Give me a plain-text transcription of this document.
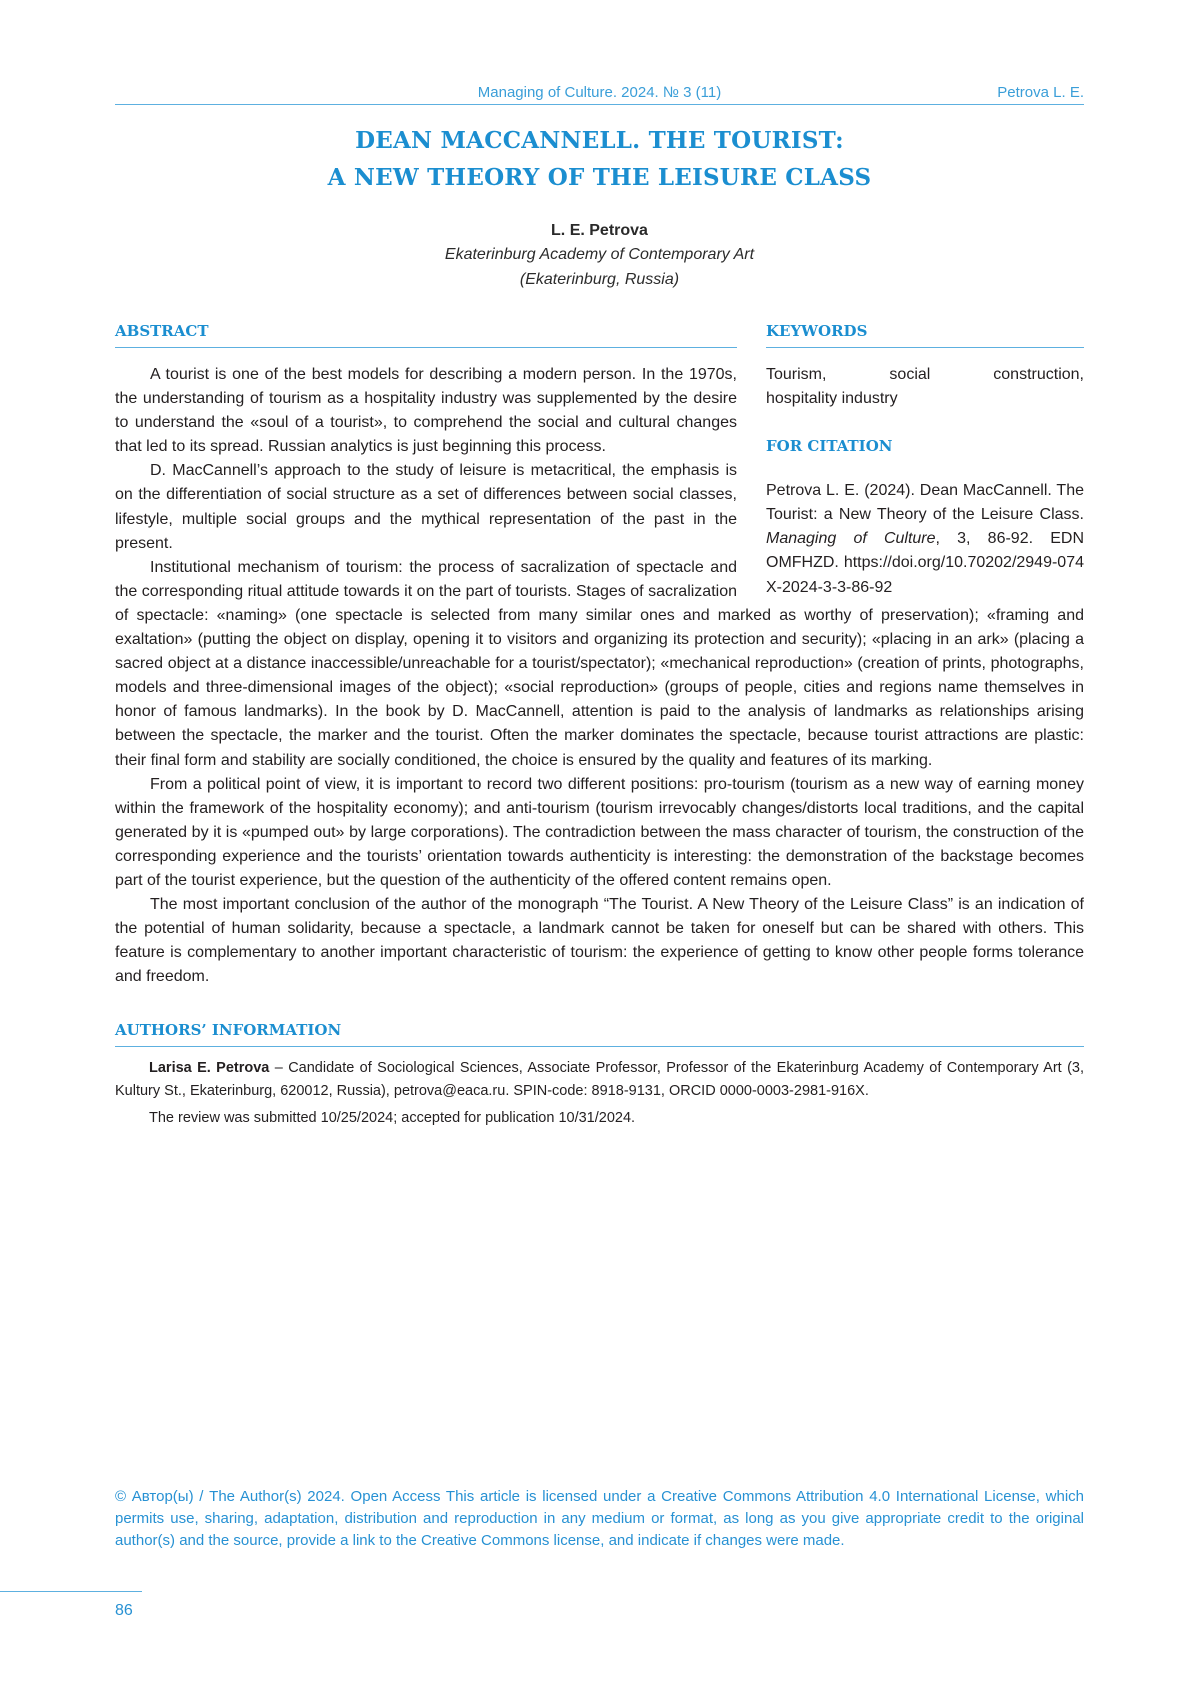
Managing of Culture. 2024. № 3 (11)	Petrova L. E.
DEAN MACCANNELL. THE TOURIST:
A NEW THEORY OF THE LEISURE CLASS
L. E. Petrova
Ekaterinburg Academy of Contemporary Art
(Ekaterinburg, Russia)
KEYWORDS

Tourism, social construction, hospitality industry

FOR CITATION

Petrova L. E. (2024). Dean MacCannell. The Tourist: a New Theory of the Leisure Class. Managing of Culture, 3, 86-92. EDN OMFHZD. https://doi.org/10.70202/2949-074X-2024-3-3-86-92

ABSTRACT

A tourist is one of the best models for describing a modern person. In the 1970s, the understanding of tourism as a hospitality industry was supplemented by the desire to understand the «soul of a tourist», to comprehend the social and cultural changes that led to its spread. Russian analytics is just beginning this process.

D. MacCannell’s approach to the study of leisure is metacritical, the emphasis is on the differentiation of social structure as a set of differences between social classes, lifestyle, multiple social groups and the mythical representation of the past in the present.

Institutional mechanism of tourism: the process of sacralization of spectacle and the corresponding ritual attitude towards it on the part of tourists. Stages of sacralization of spectacle: «naming» (one spectacle is selected from many similar ones and marked as worthy of preservation); «framing and exaltation» (putting the object on display, opening it to visitors and organizing its protection and security); «placing in an ark» (placing a sacred object at a distance inaccessible/unreachable for a tourist/spectator); «mechanical reproduction» (creation of prints, photographs, models and three-dimensional images of the object); «social reproduction» (groups of people, cities and regions name themselves in honor of famous landmarks). In the book by D. MacCannell, attention is paid to the analysis of landmarks as relationships arising between the spectacle, the marker and the tourist. Often the marker dominates the spectacle, because tourist attractions are plastic: their final form and stability are socially conditioned, the choice is ensured by the quality and features of its marking.

From a political point of view, it is important to record two different positions: pro-tourism (tourism as a new way of earning money within the framework of the hospitality economy); and anti-tourism (tourism irrevocably changes/distorts local traditions, and the capital generated by it is «pumped out» by large corporations). The contradiction between the mass character of tourism, the construction of the corresponding experience and the tourists’ orientation towards authenticity is interesting: the demonstration of the backstage becomes part of the tourist experience, but the question of the authenticity of the offered content remains open.

The most important conclusion of the author of the monograph “The Tourist. A New Theory of the Leisure Class” is an indication of the potential of human solidarity, because a spectacle, a landmark cannot be taken for oneself but can be shared with others. This feature is complementary to another important characteristic of tourism: the experience of getting to know other people forms tolerance and freedom.

AUTHORS’ INFORMATION

Larisa E. Petrova – Candidate of Sociological Sciences, Associate Professor, Professor of the Ekaterinburg Academy of Contemporary Art (3, Kultury St., Ekaterinburg, 620012, Russia), petrova@eaca.ru. SPIN-code: 8918-9131, ORCID 0000-0003-2981-916X.

The review was submitted 10/25/2024; accepted for publication 10/31/2024.

© Автор(ы) / The Author(s) 2024. Open Access This article is licensed under a Creative Commons Attribution 4.0 International License, which permits use, sharing, adaptation, distribution and reproduction in any medium or format, as long as you give appropriate credit to the original author(s) and the source, provide a link to the Creative Commons license, and indicate if changes were made.

86
